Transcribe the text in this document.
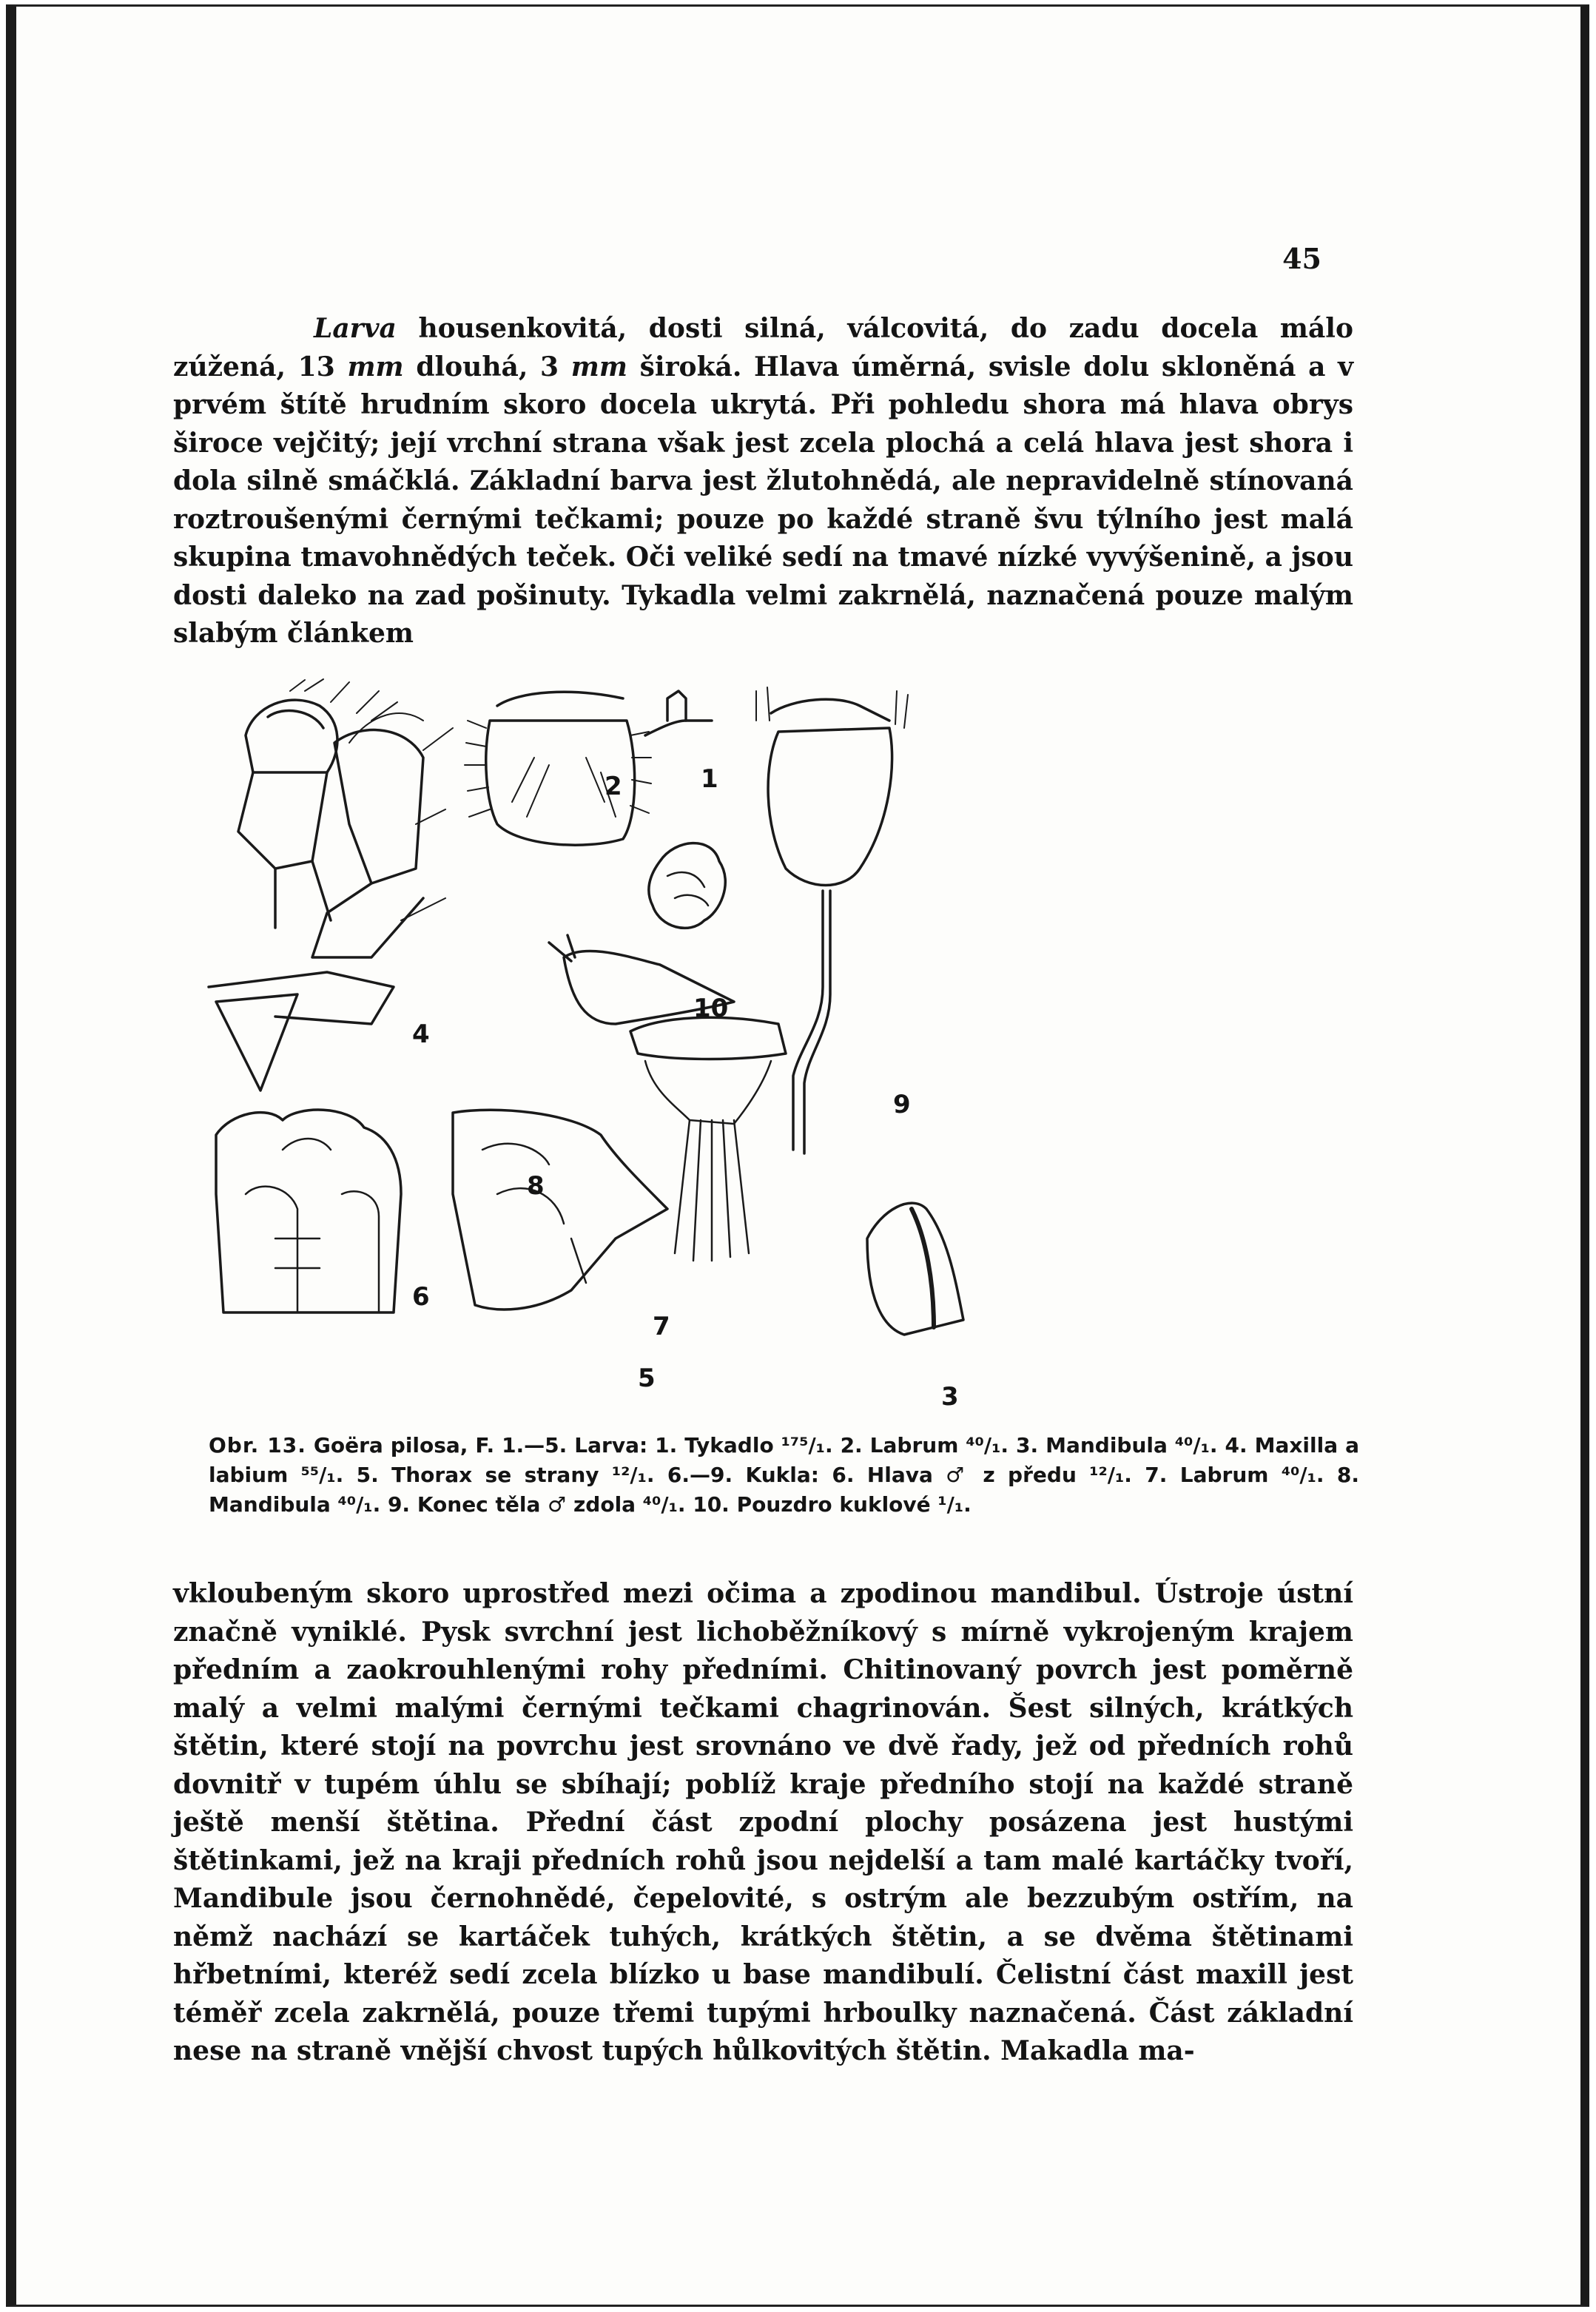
45

Larva housenkovitá, dosti silná, válcovitá, do zadu docela málo zúžená, 13 mm dlouhá, 3 mm široká. Hlava úměrná, svisle dolu skloněná a v prvém štítě hrudním skoro docela ukrytá. Při pohledu shora má hlava obrys široce vejčitý; její vrchní strana však jest zcela plochá a celá hlava jest shora i dola silně smáčklá. Základní barva jest žlutohnědá, ale nepravidelně stínovaná roztroušenými černými tečkami; pouze po každé straně švu týlního jest malá skupina tmavohnědých teček. Oči veliké sedí na tmavé nízké vyvýšenině, a jsou dosti daleko na zad pošinuty. Tykadla velmi zakrnělá, naznačená pouze malým slabým článkem

4
2	1
10
9
8
3
7
6
5

Obr. 13. Goëra pilosa, F. 1.—5. Larva: 1. Tykadlo ¹⁷⁵/₁. 2. Labrum ⁴⁰/₁. 3. Mandibula ⁴⁰/₁. 4. Maxilla a labium ⁵⁵/₁. 5. Thorax se strany ¹²/₁. 6.—9. Kukla: 6. Hlava ♂ z předu ¹²/₁. 7. Labrum ⁴⁰/₁. 8. Mandibula ⁴⁰/₁. 9. Konec těla ♂ zdola ⁴⁰/₁. 10. Pouzdro kuklové ¹/₁.

vkloubeným skoro uprostřed mezi očima a zpodinou mandibul. Ústroje ústní značně vyniklé. Pysk svrchní jest lichoběžníkový s mírně vykrojeným krajem předním a zaokrouhlenými rohy předními. Chitinovaný povrch jest poměrně malý a velmi malými černými tečkami chagrinován. Šest silných, krátkých štětin, které stojí na povrchu jest srovnáno ve dvě řady, jež od předních rohů dovnitř v tupém úhlu se sbíhají; poblíž kraje předního stojí na každé straně ještě menší štětina. Přední část zpodní plochy posázena jest hustými štětinkami, jež na kraji předních rohů jsou nejdelší a tam malé kartáčky tvoří, Mandibule jsou černohnědé, čepelovité, s ostrým ale bezzubým ostřím, na němž nachází se kartáček tuhých, krátkých štětin, a se dvěma štětinami hřbetními, kteréž sedí zcela blízko u base mandibulí. Čelistní část maxill jest téměř zcela zakrnělá, pouze třemi tupými hrboulky naznačená. Část základní nese na straně vnější chvost tupých hůlkovitých štětin. Makadla ma-
